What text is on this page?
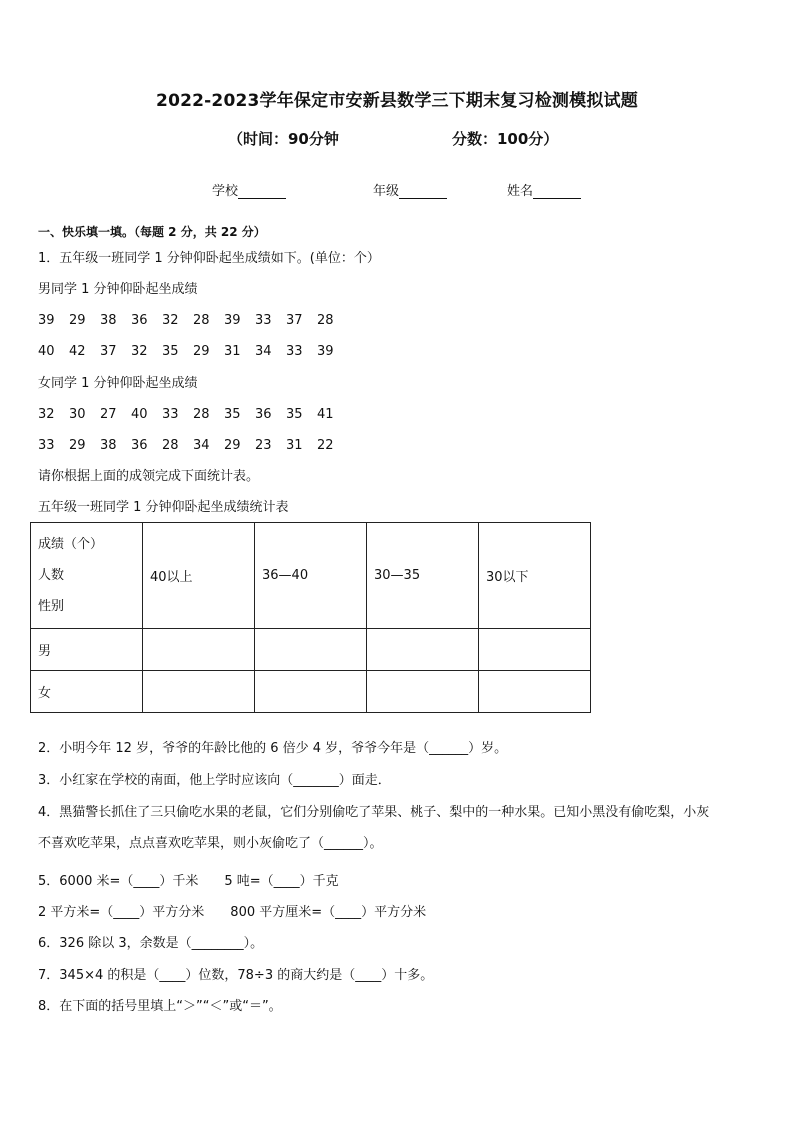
2022-2023学年保定市安新县数学三下期末复习检测模拟试题
（时间：90分钟	分数：100分）
学校	年级	姓名
一、快乐填一填。（每题 2 分，共 22 分）
1．五年级一班同学 1 分钟仰卧起坐成绩如下。(单位：个）
男同学 1 分钟仰卧起坐成绩
39 29 38 36 32 28 39 33 37 28
40 42 37 32 35 29 31 34 33 39
女同学 1 分钟仰卧起坐成绩
32 30 27 40 33 28 35 36 35 41
33 29 38 36 28 34 29 23 31 22
请你根据上面的成领完成下面统计表。
五年级一班同学 1 分钟仰卧起坐成绩统计表
成绩（个）
人数
性别	40以上	36—40	30—35	30以下
男				
女				
2．小明今年 12 岁，爷爷的年龄比他的 6 倍少 4 岁，爷爷今年是（______）岁。
3．小红家在学校的南面，他上学时应该向（_______）面走．
4．黑猫警长抓住了三只偷吃水果的老鼠，它们分别偷吃了苹果、桃子、梨中的一种水果。已知小黑没有偷吃梨，小灰
不喜欢吃苹果，点点喜欢吃苹果，则小灰偷吃了（______）。
5．6000 米=（____）千米　　5 吨=（____）千克
2 平方米=（____）平方分米　　800 平方厘米=（____）平方分米
6．326 除以 3，余数是（________）。
7．345×4 的积是（____）位数，78÷3 的商大约是（____）十多。
8．在下面的括号里填上“＞”“＜”或“＝”。
